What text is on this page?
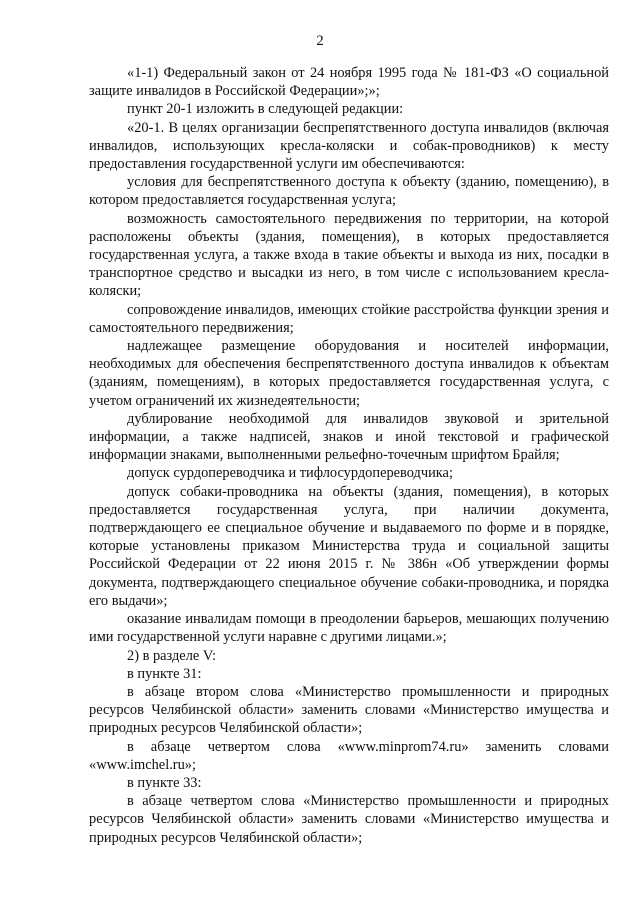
2

«1-1) Федеральный закон от 24 ноября 1995 года № 181-ФЗ «О социальной защите инвалидов в Российской Федерации»;»;

пункт 20-1 изложить в следующей редакции:

«20-1. В целях организации беспрепятственного доступа инвалидов (включая инвалидов, использующих кресла-коляски и собак-проводников) к месту предоставления государственной услуги им обеспечиваются:

условия для беспрепятственного доступа к объекту (зданию, помещению), в котором предоставляется государственная услуга;

возможность самостоятельного передвижения по территории, на которой расположены объекты (здания, помещения), в которых предоставляется государственная услуга, а также входа в такие объекты и выхода из них, посадки в транспортное средство и высадки из него, в том числе с использованием кресла-коляски;

сопровождение инвалидов, имеющих стойкие расстройства функции зрения и самостоятельного передвижения;

надлежащее размещение оборудования и носителей информации, необходимых для обеспечения беспрепятственного доступа инвалидов к объектам (зданиям, помещениям), в которых предоставляется государственная услуга, с учетом ограничений их жизнедеятельности;

дублирование необходимой для инвалидов звуковой и зрительной информации, а также надписей, знаков и иной текстовой и графической информации знаками, выполненными рельефно-точечным шрифтом Брайля;

допуск сурдопереводчика и тифлосурдопереводчика;

допуск собаки-проводника на объекты (здания, помещения), в которых предоставляется государственная услуга, при наличии документа, подтверждающего ее специальное обучение и выдаваемого по форме и в порядке, которые установлены приказом Министерства труда и социальной защиты Российской Федерации от 22 июня 2015 г. № 386н «Об утверждении формы документа, подтверждающего специальное обучение собаки-проводника, и порядка его выдачи»;

оказание инвалидам помощи в преодолении барьеров, мешающих получению ими государственной услуги наравне с другими лицами.»;

2) в разделе V:

в пункте 31:

в абзаце втором слова «Министерство промышленности и природных ресурсов Челябинской области» заменить словами «Министерство имущества и природных ресурсов Челябинской области»;

в абзаце четвертом слова «www.minprom74.ru» заменить словами «www.imchel.ru»;

в пункте 33:

в абзаце четвертом слова «Министерство промышленности и природных ресурсов Челябинской области» заменить словами «Министерство имущества и природных ресурсов Челябинской области»;
